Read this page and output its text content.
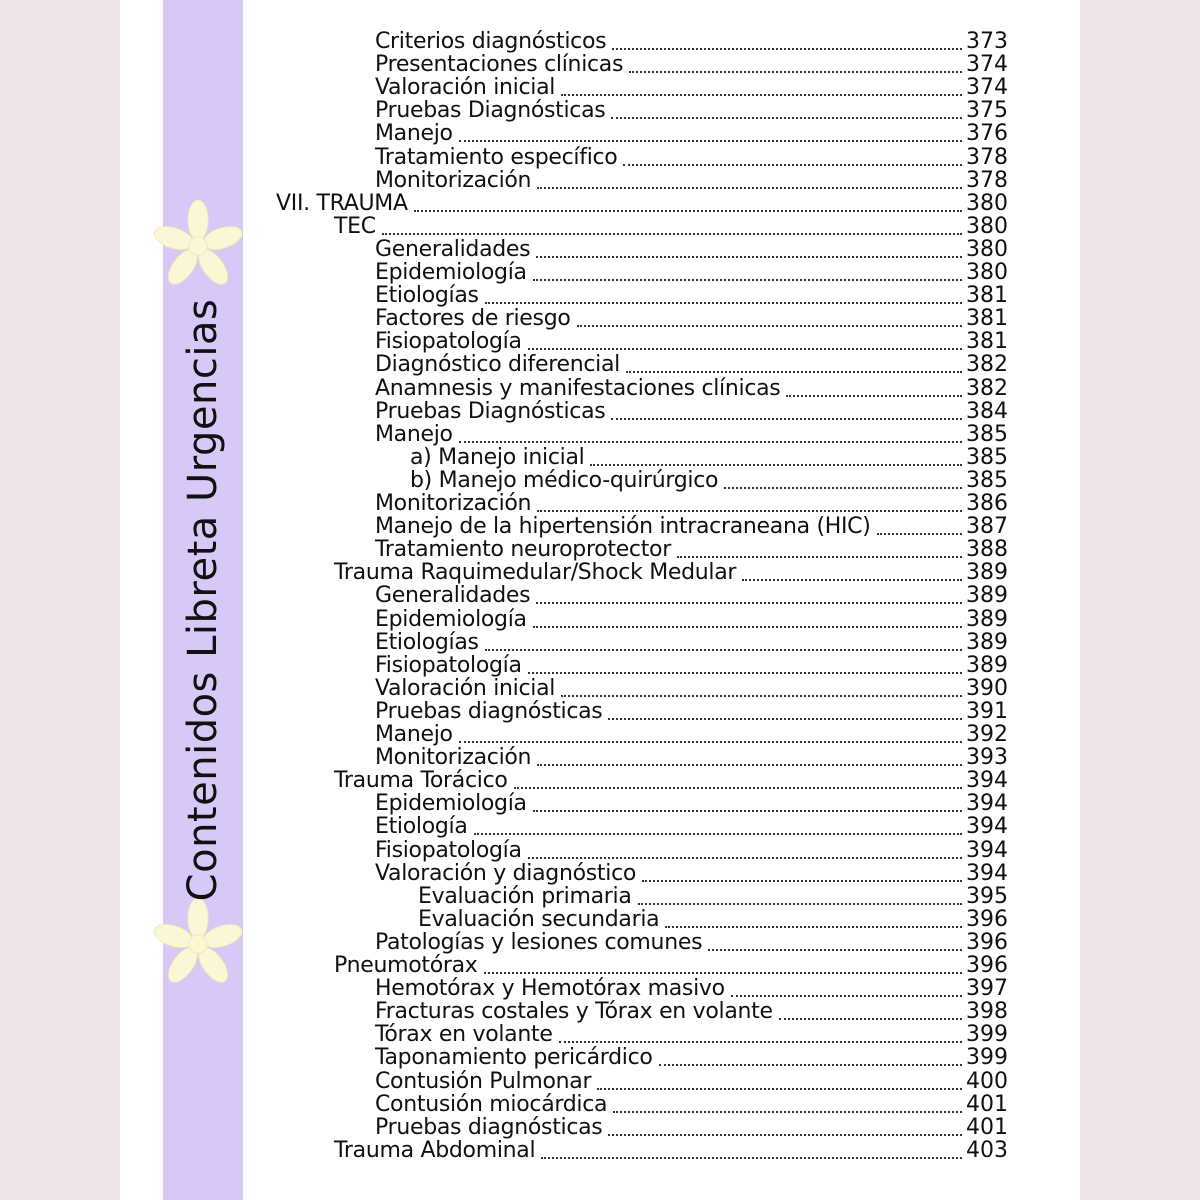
Contenidos Libreta Urgencias
Criterios diagnósticos	373
Presentaciones clínicas	374
Valoración inicial	374
Pruebas Diagnósticas	375
Manejo	376
Tratamiento específico	378
Monitorización	378
VII. TRAUMA	380
TEC	380
Generalidades	380
Epidemiología	380
Etiologías	381
Factores de riesgo	381
Fisiopatología	381
Diagnóstico diferencial	382
Anamnesis y manifestaciones clínicas	382
Pruebas Diagnósticas	384
Manejo	385
a) Manejo inicial	385
b) Manejo médico-quirúrgico	385
Monitorización	386
Manejo de la hipertensión intracraneana (HIC)	387
Tratamiento neuroprotector	388
Trauma Raquimedular/Shock Medular	389
Generalidades	389
Epidemiología	389
Etiologías	389
Fisiopatología	389
Valoración inicial	390
Pruebas diagnósticas	391
Manejo	392
Monitorización	393
Trauma Torácico	394
Epidemiología	394
Etiología	394
Fisiopatología	394
Valoración y diagnóstico	394
Evaluación primaria	395
Evaluación secundaria	396
Patologías y lesiones comunes	396
Pneumotórax	396
Hemotórax y Hemotórax masivo	397
Fracturas costales y Tórax en volante	398
Tórax en volante	399
Taponamiento pericárdico	399
Contusión Pulmonar	400
Contusión miocárdica	401
Pruebas diagnósticas	401
Trauma Abdominal	403
